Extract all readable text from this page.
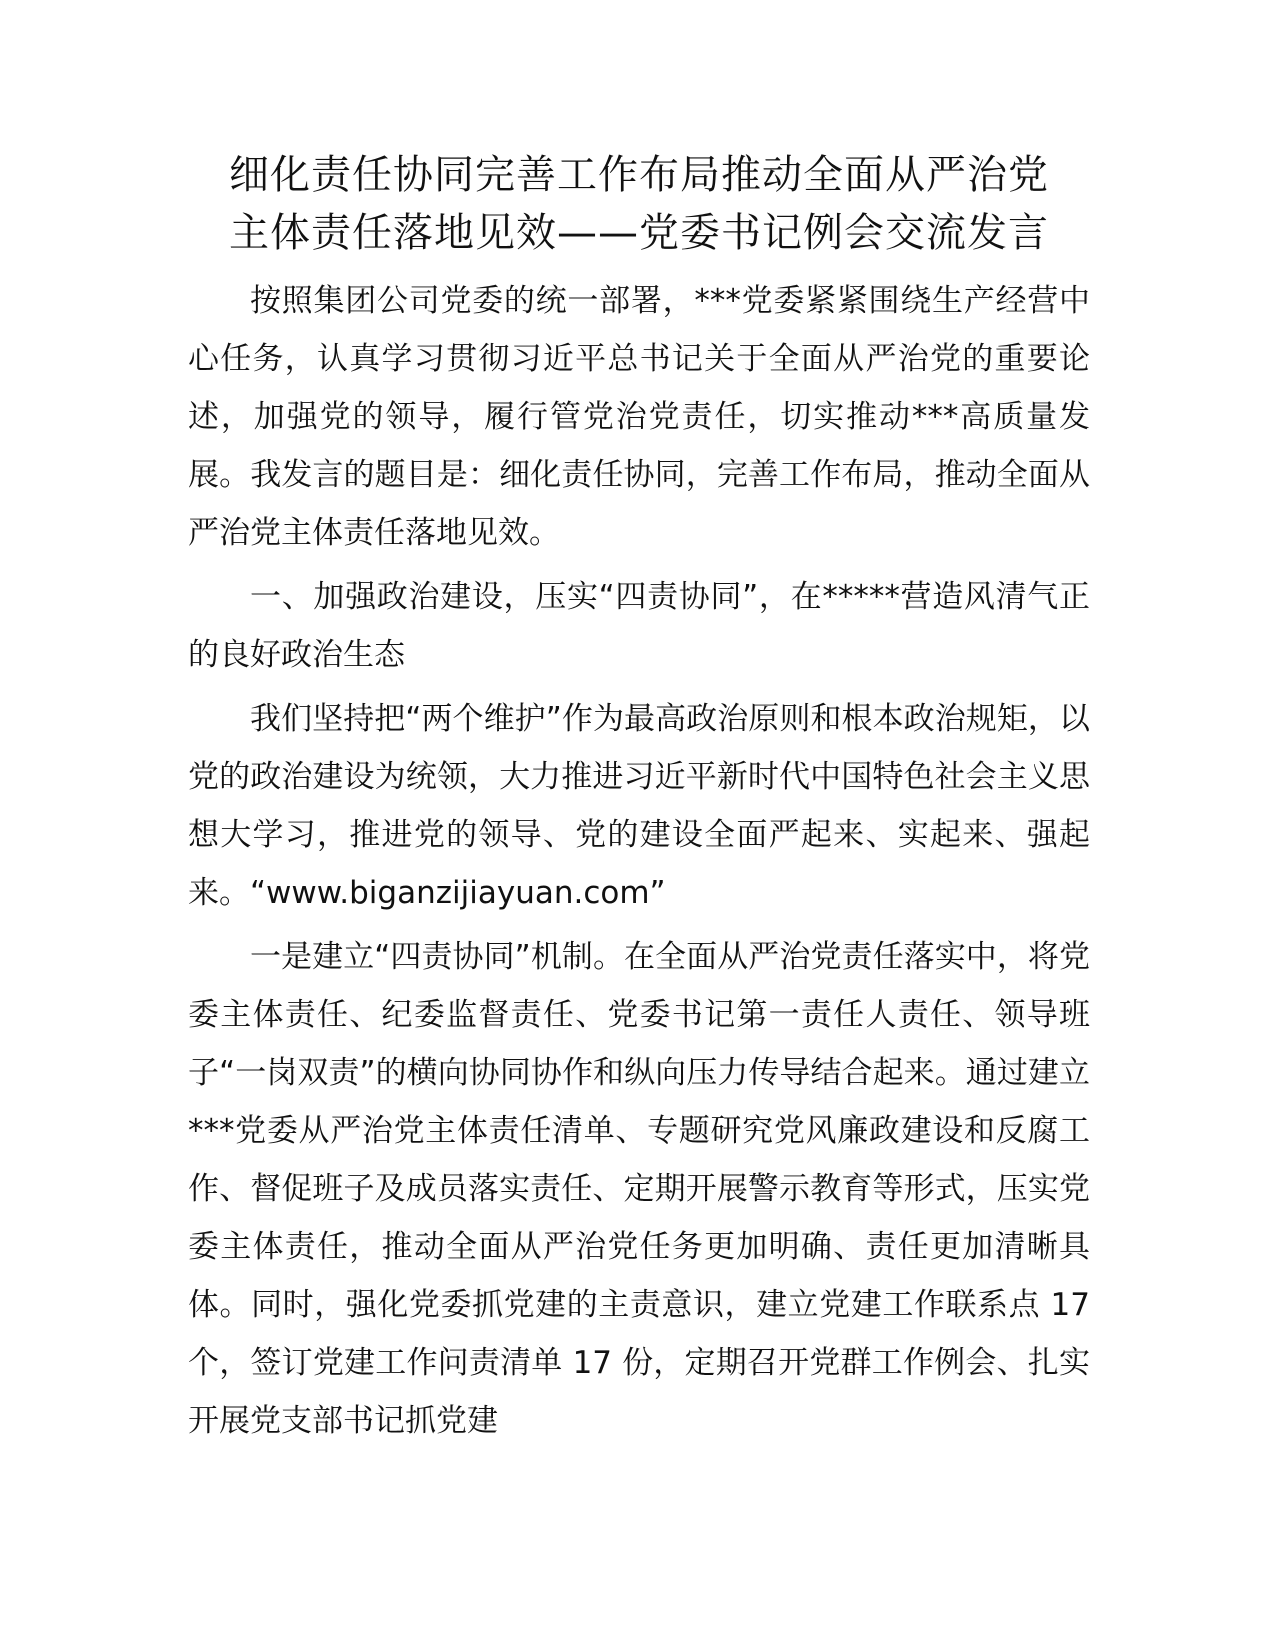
细化责任协同完善工作布局推动全面从严治党
主体责任落地见效——党委书记例会交流发言

按照集团公司党委的统一部署，***党委紧紧围绕生产经营中心任务，认真学习贯彻习近平总书记关于全面从严治党的重要论述，加强党的领导，履行管党治党责任，切实推动***高质量发展。我发言的题目是：细化责任协同，完善工作布局，推动全面从严治党主体责任落地见效。

一、加强政治建设，压实“四责协同”，在*****营造风清气正的良好政治生态

我们坚持把“两个维护”作为最高政治原则和根本政治规矩，以党的政治建设为统领，大力推进习近平新时代中国特色社会主义思想大学习，推进党的领导、党的建设全面严起来、实起来、强起来。“www.biganzijiayuan.com”

一是建立“四责协同”机制。在全面从严治党责任落实中，将党委主体责任、纪委监督责任、党委书记第一责任人责任、领导班子“一岗双责”的横向协同协作和纵向压力传导结合起来。通过建立***党委从严治党主体责任清单、专题研究党风廉政建设和反腐工作、督促班子及成员落实责任、定期开展警示教育等形式，压实党委主体责任，推动全面从严治党任务更加明确、责任更加清晰具体。同时，强化党委抓党建的主责意识，建立党建工作联系点 17 个，签订党建工作问责清单 17 份，定期召开党群工作例会、扎实开展党支部书记抓党建
